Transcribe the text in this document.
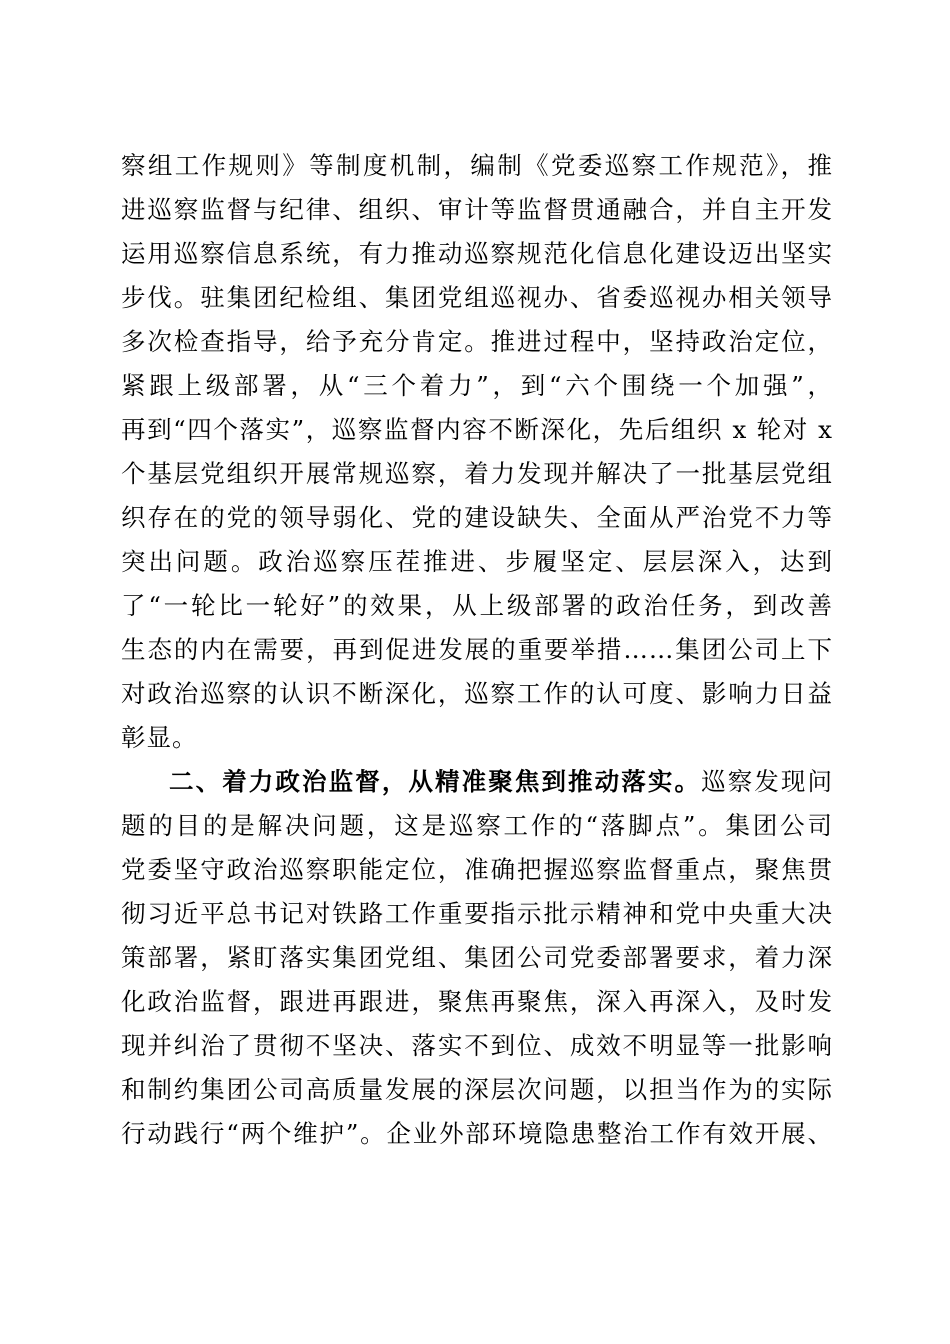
察组工作规则》等制度机制，编制《党委巡察工作规范》，推
进巡察监督与纪律、组织、审计等监督贯通融合，并自主开发
运用巡察信息系统，有力推动巡察规范化信息化建设迈出坚实
步伐。驻集团纪检组、集团党组巡视办、省委巡视办相关领导
多次检查指导，给予充分肯定。推进过程中，坚持政治定位，
紧跟上级部署，从“三个着力”，到“六个围绕一个加强”，
再到“四个落实”，巡察监督内容不断深化，先后组织 x 轮对 x
个基层党组织开展常规巡察，着力发现并解决了一批基层党组
织存在的党的领导弱化、党的建设缺失、全面从严治党不力等
突出问题。政治巡察压茬推进、步履坚定、层层深入，达到
了“一轮比一轮好”的效果，从上级部署的政治任务，到改善
生态的内在需要，再到促进发展的重要举措……集团公司上下
对政治巡察的认识不断深化，巡察工作的认可度、影响力日益
彰显。
二、着力政治监督，从精准聚焦到推动落实。巡察发现问
题的目的是解决问题，这是巡察工作的“落脚点”。集团公司
党委坚守政治巡察职能定位，准确把握巡察监督重点，聚焦贯
彻习近平总书记对铁路工作重要指示批示精神和党中央重大决
策部署，紧盯落实集团党组、集团公司党委部署要求，着力深
化政治监督，跟进再跟进，聚焦再聚焦，深入再深入，及时发
现并纠治了贯彻不坚决、落实不到位、成效不明显等一批影响
和制约集团公司高质量发展的深层次问题，以担当作为的实际
行动践行“两个维护”。企业外部环境隐患整治工作有效开展、
